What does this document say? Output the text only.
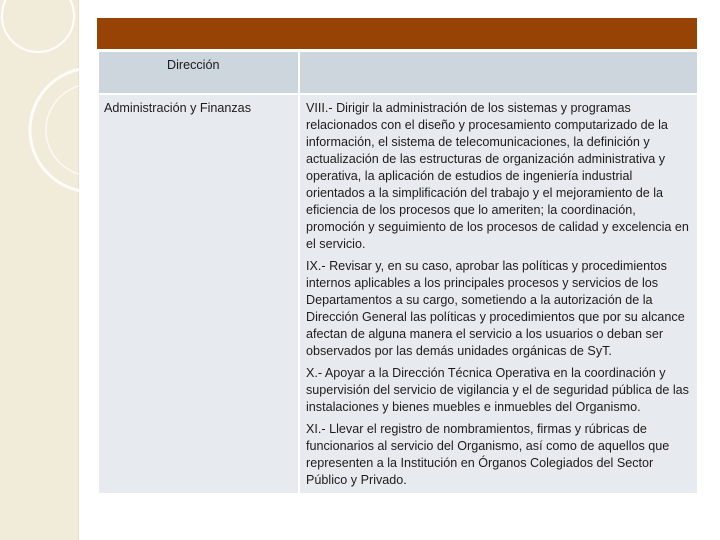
Dirección	

Administración y Finanzas	VIII.- Dirigir la administración de los sistemas y programas relacionados con el diseño y procesamiento computarizado de la información, el sistema de telecomunicaciones, la definición y actualización de las estructuras de organización administrativa y operativa, la aplicación de estudios de ingeniería industrial orientados a la simplificación del trabajo y el mejoramiento de la eficiencia de los procesos que lo ameriten; la coordinación, promoción y seguimiento de los procesos de calidad y excelencia en el servicio.

IX.- Revisar y, en su caso, aprobar las políticas y procedimientos internos aplicables a los principales procesos y servicios de los Departamentos a su cargo, sometiendo a la autorización de la Dirección General las políticas y procedimientos que por su alcance afectan de alguna manera el servicio a los usuarios o deban ser observados por las demás unidades orgánicas de SyT.

X.- Apoyar a la Dirección Técnica Operativa en la coordinación y supervisión del servicio de vigilancia y el de seguridad pública de las instalaciones y bienes muebles e inmuebles del Organismo.

XI.- Llevar el registro de nombramientos, firmas y rúbricas de funcionarios al servicio del Organismo, así como de aquellos que representen a la Institución en Órganos Colegiados del Sector Público y Privado.
